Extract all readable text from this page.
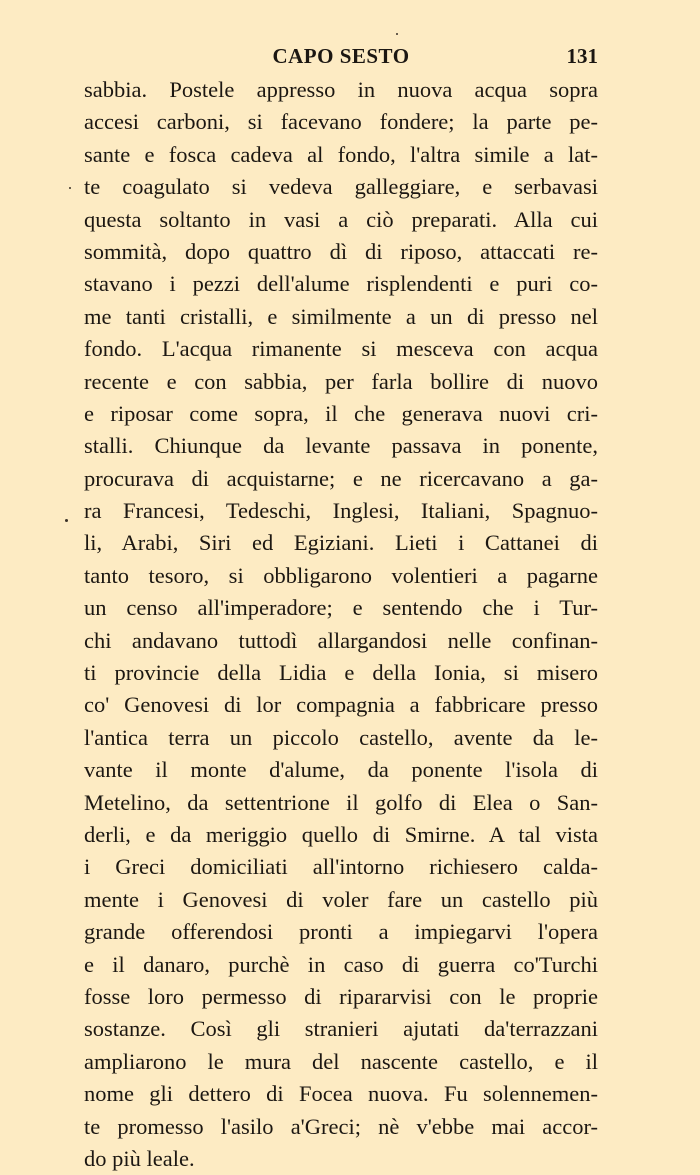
CAPO SESTO	131
sabbia. Postele appresso in nuova acqua sopra
accesi carboni, si facevano fondere; la parte pe-
sante e fosca cadeva al fondo, l'altra simile a lat-
te coagulato si vedeva galleggiare, e serbavasi
questa soltanto in vasi a ciò preparati. Alla cui
sommità, dopo quattro dì di riposo, attaccati re-
stavano i pezzi dell'alume risplendenti e puri co-
me tanti cristalli, e similmente a un di presso nel
fondo. L'acqua rimanente si mesceva con acqua
recente e con sabbia, per farla bollire di nuovo
e riposar come sopra, il che generava nuovi cri-
stalli. Chiunque da levante passava in ponente,
procurava di acquistarne; e ne ricercavano a ga-
ra Francesi, Tedeschi, Inglesi, Italiani, Spagnuo-
li, Arabi, Siri ed Egiziani. Lieti i Cattanei di
tanto tesoro, si obbligarono volentieri a pagarne
un censo all'imperadore; e sentendo che i Tur-
chi andavano tuttodì allargandosi nelle confinan-
ti provincie della Lidia e della Ionia, si misero
co' Genovesi di lor compagnia a fabbricare presso
l'antica terra un piccolo castello, avente da le-
vante il monte d'alume, da ponente l'isola di
Metelino, da settentrione il golfo di Elea o San-
derli, e da meriggio quello di Smirne. A tal vista
i Greci domiciliati all'intorno richiesero calda-
mente i Genovesi di voler fare un castello più
grande offerendosi pronti a impiegarvi l'opera
e il danaro, purchè in caso di guerra co'Turchi
fosse loro permesso di ripararvisi con le proprie
sostanze. Così gli stranieri ajutati da'terrazzani
ampliarono le mura del nascente castello, e il
nome gli dettero di Focea nuova. Fu solennemen-
te promesso l'asilo a'Greci; nè v'ebbe mai accor-
do più leale.
